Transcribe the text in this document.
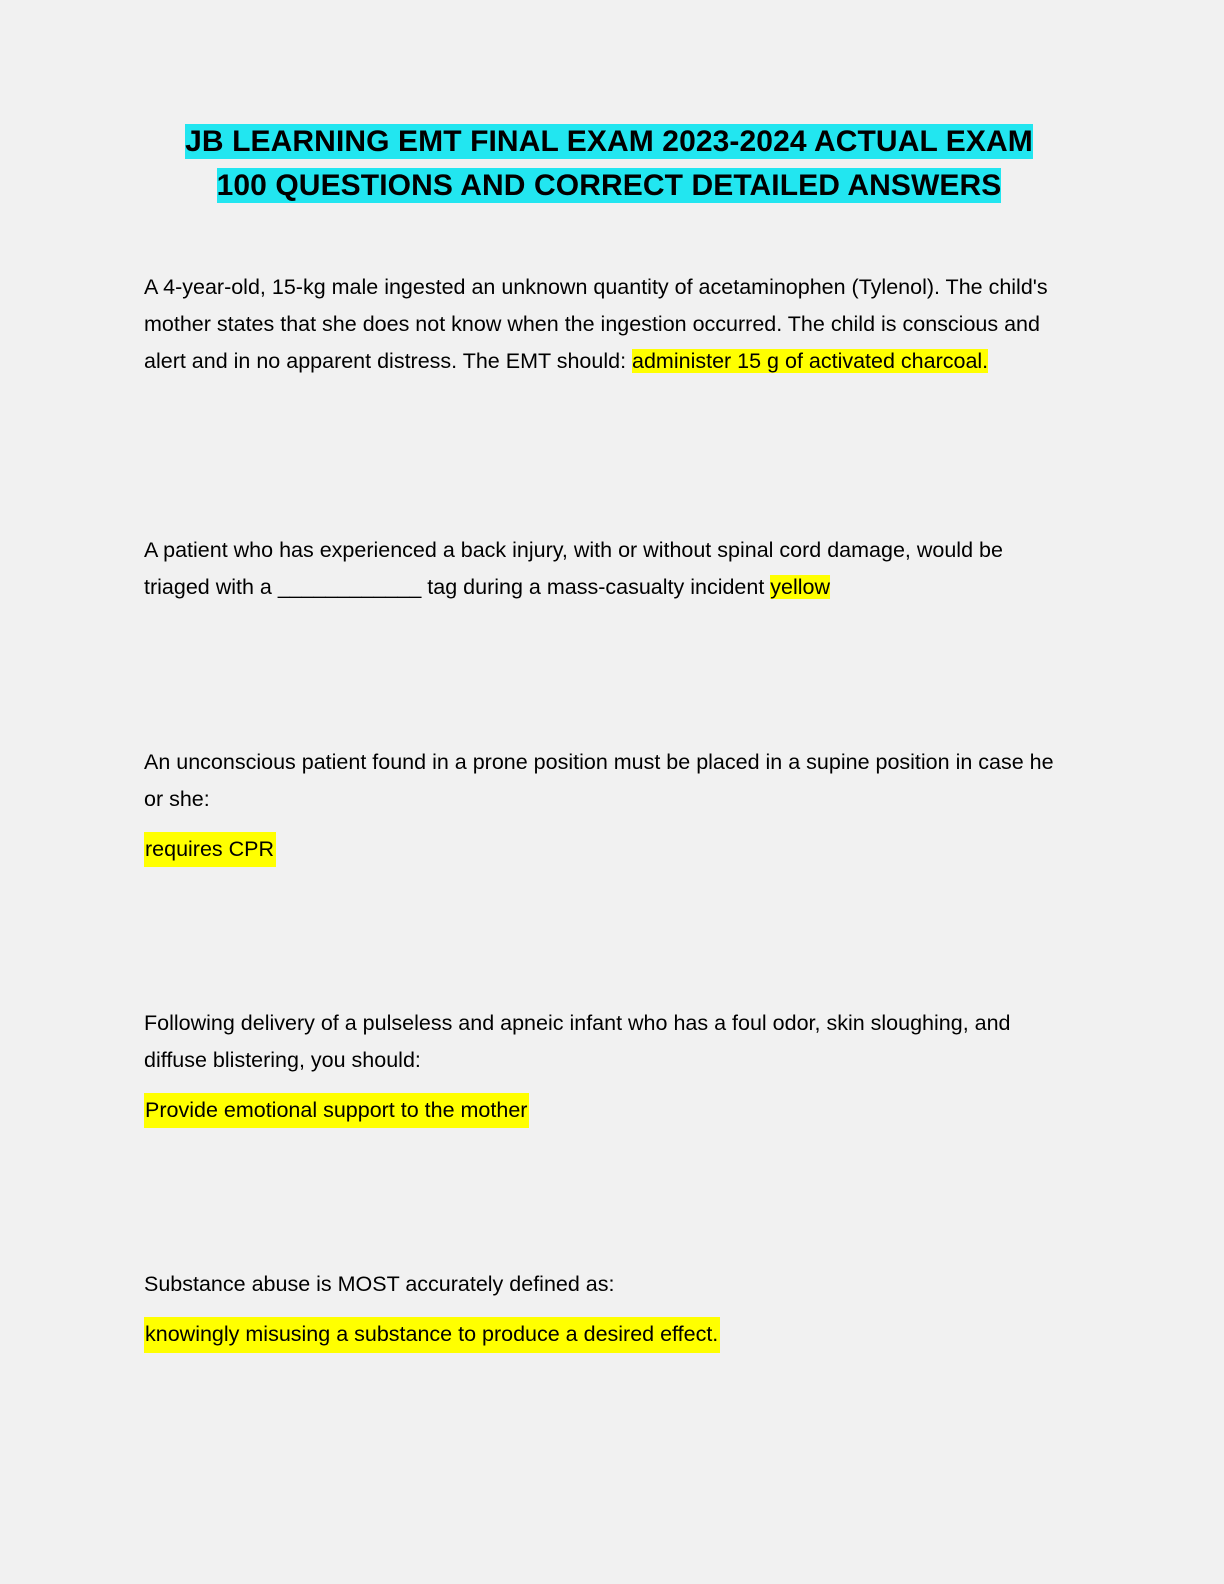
JB LEARNING EMT FINAL EXAM 2023-2024 ACTUAL EXAM
100 QUESTIONS AND CORRECT DETAILED ANSWERS

A 4-year-old, 15-kg male ingested an unknown quantity of acetaminophen (Tylenol). The child's mother states that she does not know when the ingestion occurred. The child is conscious and alert and in no apparent distress. The EMT should: administer 15 g of activated charcoal.

A patient who has experienced a back injury, with or without spinal cord damage, would be triaged with a ____________ tag during a mass-casualty incident yellow

An unconscious patient found in a prone position must be placed in a supine position in case he or she:

requires CPR

Following delivery of a pulseless and apneic infant who has a foul odor, skin sloughing, and diffuse blistering, you should:

Provide emotional support to the mother

Substance abuse is MOST accurately defined as:

knowingly misusing a substance to produce a desired effect.
